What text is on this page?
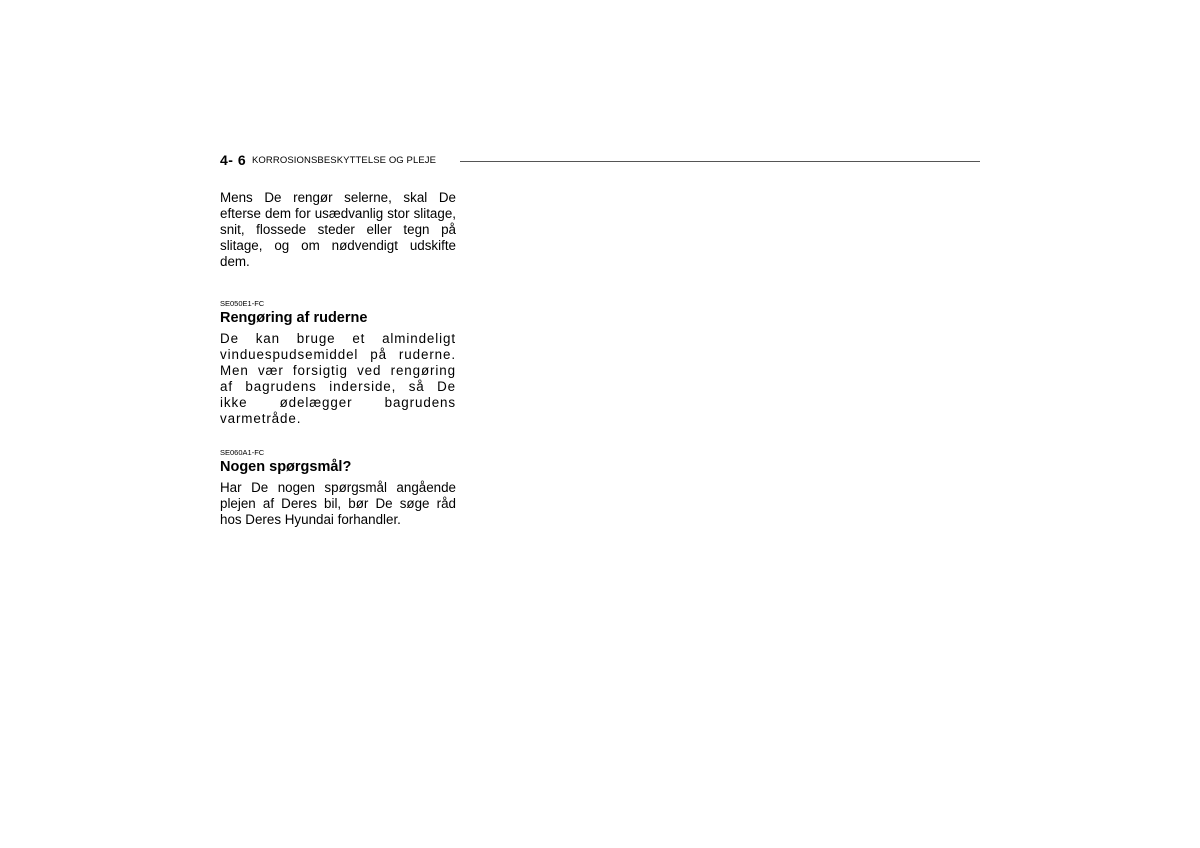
4- 6 KORROSIONSBESKYTTELSE OG PLEJE

Mens De rengør selerne, skal De efterse dem for usædvanlig stor slitage, snit, flossede steder eller tegn på slitage, og om nødvendigt udskifte dem.

SE050E1-FC

Rengøring af ruderne

De kan bruge et almindeligt vinduespudsemiddel på ruderne. Men vær forsigtig ved rengøring af bagrudens inderside, så De ikke ødelægger bagrudens varmetråde.

SE060A1-FC

Nogen spørgsmål?

Har De nogen spørgsmål angående plejen af Deres bil, bør De søge råd hos Deres Hyundai forhandler.
